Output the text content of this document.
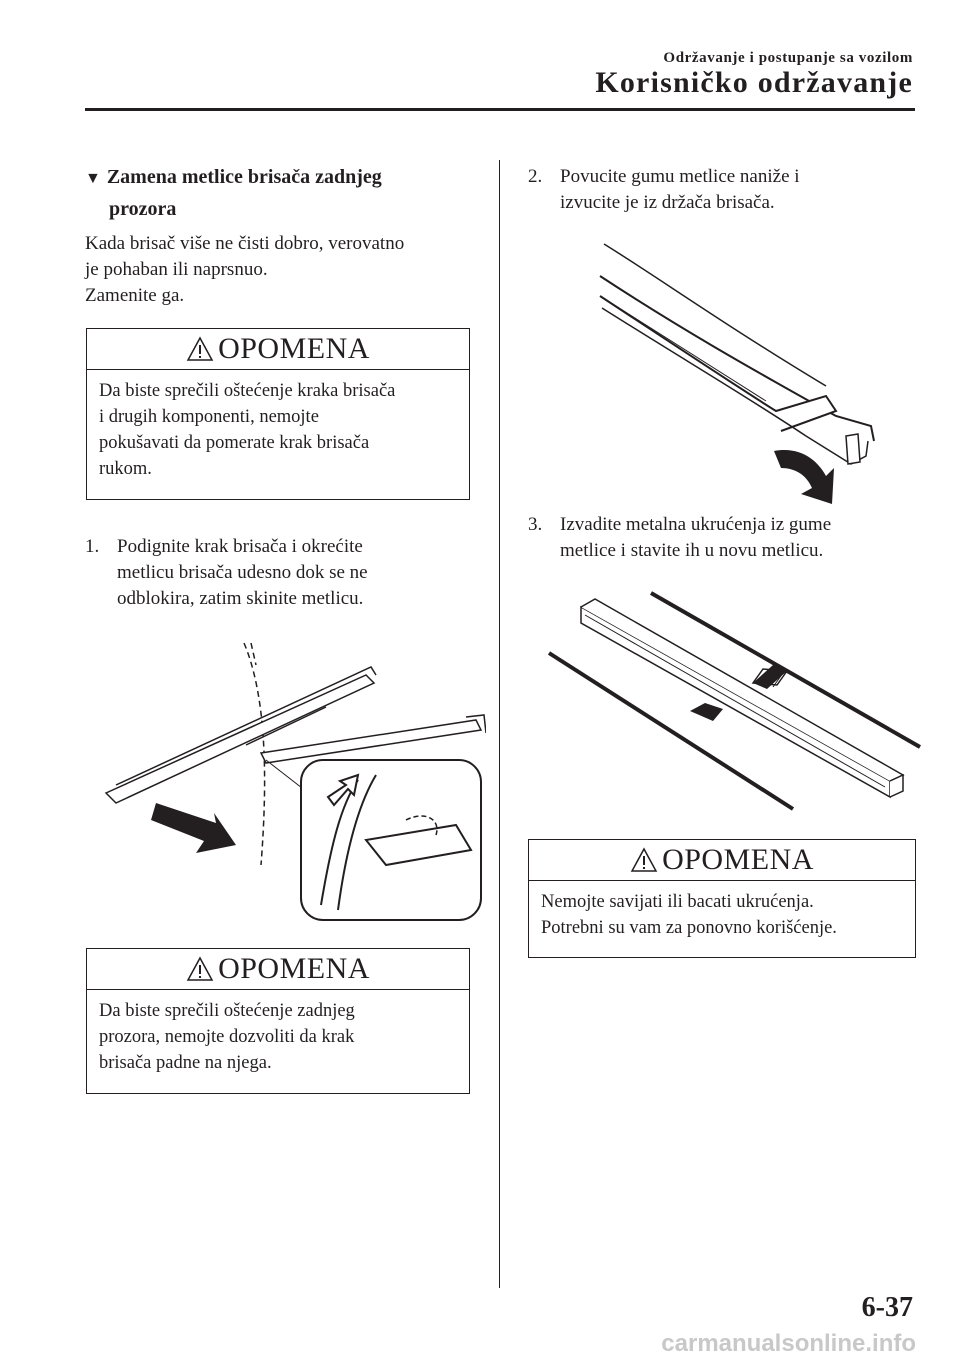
Održavanje i postupanje sa vozilom
Korisničko održavanje
▼ Zamena metlice brisača zadnjeg
prozora
Kada brisač više ne čisti dobro, verovatno
je pohaban ili naprsnuo.
Zamenite ga.
OPOMENA
Da biste sprečili oštećenje kraka brisača
i drugih komponenti, nemojte
pokušavati da pomerate krak brisača
rukom.
1. Podignite krak brisača i okrećite
metlicu brisača udesno dok se ne
odblokira, zatim skinite metlicu.
OPOMENA
Da biste sprečili oštećenje zadnjeg
prozora, nemojte dozvoliti da krak
brisača padne na njega.
2. Povucite gumu metlice naniže i
izvucite je iz držača brisača.
3. Izvadite metalna ukrućenja iz gume
metlice i stavite ih u novu metlicu.
OPOMENA
Nemojte savijati ili bacati ukrućenja.
Potrebni su vam za ponovno korišćenje.
6-37
carmanualsonline.info
